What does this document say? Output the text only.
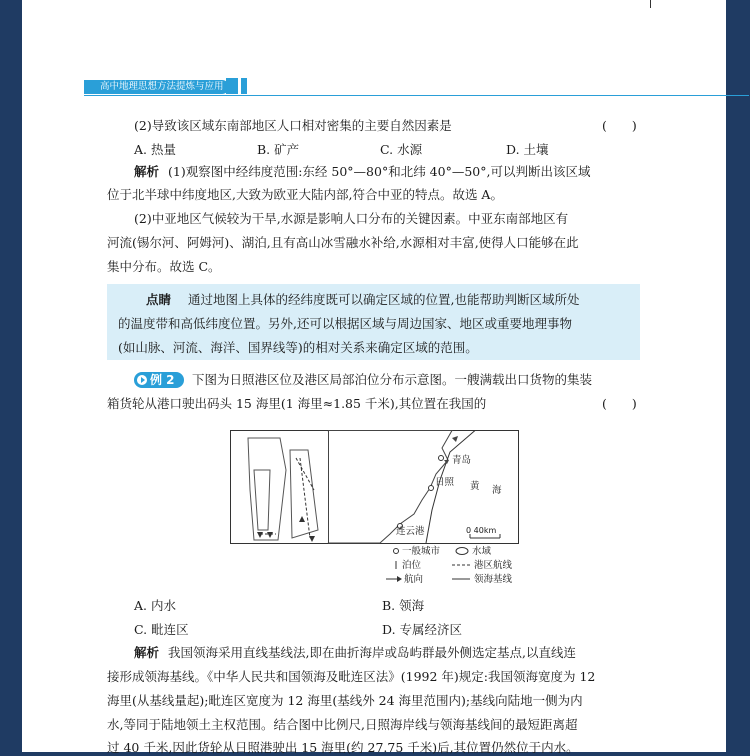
高中地理思想方法提炼与应用
(2)导致该区域东南部地区人口相对密集的主要自然因素是	(　　)
A. 热量	B. 矿产	C. 水源	D. 土壤
解析 (1)观察图中经纬度范围:东经 50°—80°和北纬 40°—50°,可以判断出该区域
位于北半球中纬度地区,大致为欧亚大陆内部,符合中亚的特点。故选 A。
(2)中亚地区气候较为干旱,水源是影响人口分布的关键因素。中亚东南部地区有
河流(锡尔河、阿姆河)、湖泊,且有高山冰雪融水补给,水源相对丰富,使得人口能够在此
集中分布。故选 C。
点睛 通过地图上具体的经纬度既可以确定区域的位置,也能帮助判断区域所处
的温度带和高低纬度位置。另外,还可以根据区域与周边国家、地区或重要地理事物
(如山脉、河流、海洋、国界线等)的相对关系来确定区域的范围。
例 2 下图为日照港区位及港区局部泊位分布示意图。一艘满载出口货物的集装
箱货轮从港口驶出码头 15 海里(1 海里≈1.85 千米),其位置在我国的	(　　)
青岛
日照
连云港
黄 海
0 40km
一般城市	水域
泊位	港区航线
航向	领海基线
A. 内水	B. 领海
C. 毗连区	D. 专属经济区
解析 我国领海采用直线基线法,即在曲折海岸或岛屿群最外侧选定基点,以直线连
接形成领海基线。《中华人民共和国领海及毗连区法》(1992 年)规定:我国领海宽度为 12
海里(从基线量起);毗连区宽度为 12 海里(基线外 24 海里范围内);基线向陆地一侧为内
水,等同于陆地领土主权范围。结合图中比例尺,日照海岸线与领海基线间的最短距离超
过 40 千米,因此货轮从日照港驶出 15 海里(约 27.75 千米)后,其位置仍然位于内水。
